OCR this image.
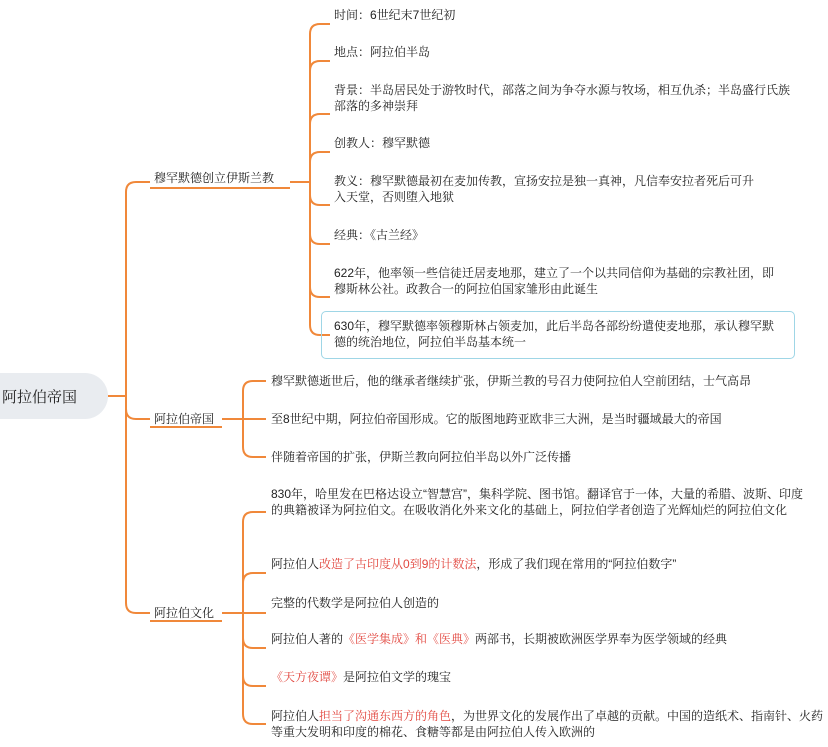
阿拉伯帝国
穆罕默德创立伊斯兰教
时间：6世纪末7世纪初
地点：阿拉伯半岛
背景：半岛居民处于游牧时代，部落之间为争夺水源与牧场，相互仇杀；半岛盛行氏族部落的多神崇拜
创教人：穆罕默德
教义：穆罕默德最初在麦加传教，宣扬安拉是独一真神，凡信奉安拉者死后可升入天堂，否则堕入地狱
经典：《古兰经》
622年，他率领一些信徒迁居麦地那，建立了一个以共同信仰为基础的宗教社团，即穆斯林公社。政教合一的阿拉伯国家雏形由此诞生
630年，穆罕默德率领穆斯林占领麦加，此后半岛各部纷纷遣使麦地那，承认穆罕默德的统治地位，阿拉伯半岛基本统一
阿拉伯帝国
穆罕默德逝世后，他的继承者继续扩张，伊斯兰教的号召力使阿拉伯人空前团结，士气高昂
至8世纪中期，阿拉伯帝国形成。它的版图地跨亚欧非三大洲，是当时疆域最大的帝国
伴随着帝国的扩张，伊斯兰教向阿拉伯半岛以外广泛传播
阿拉伯文化
830年，哈里发在巴格达设立“智慧宫”，集科学院、图书馆。翻译官于一体，大量的希腊、波斯、印度的典籍被译为阿拉伯文。在吸收消化外来文化的基础上，阿拉伯学者创造了光辉灿烂的阿拉伯文化
阿拉伯人改造了古印度从0到9的计数法，形成了我们现在常用的“阿拉伯数字”
完整的代数学是阿拉伯人创造的
阿拉伯人著的《医学集成》和《医典》两部书，长期被欧洲医学界奉为医学领域的经典
《天方夜谭》是阿拉伯文学的瑰宝
阿拉伯人担当了沟通东西方的角色，为世界文化的发展作出了卓越的贡献。中国的造纸术、指南针、火药等重大发明和印度的棉花、食糖等都是由阿拉伯人传入欧洲的
